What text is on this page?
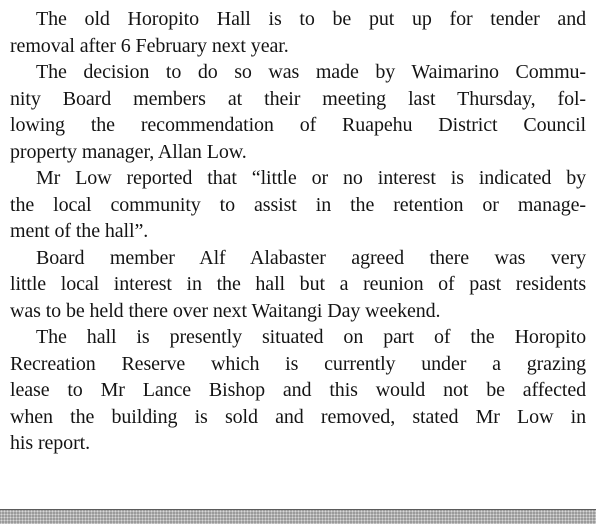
The old Horopito Hall is to be put up for tender and
removal after 6 February next year.

The decision to do so was made by Waimarino Commu-
nity Board members at their meeting last Thursday, fol-
lowing the recommendation of Ruapehu District Council
property manager, Allan Low.

Mr Low reported that “little or no interest is indicated by
the local community to assist in the retention or manage-
ment of the hall”.

Board member Alf Alabaster agreed there was very
little local interest in the hall but a reunion of past residents
was to be held there over next Waitangi Day weekend.

The hall is presently situated on part of the Horopito
Recreation Reserve which is currently under a grazing
lease to Mr Lance Bishop and this would not be affected
when the building is sold and removed, stated Mr Low in
his report.
